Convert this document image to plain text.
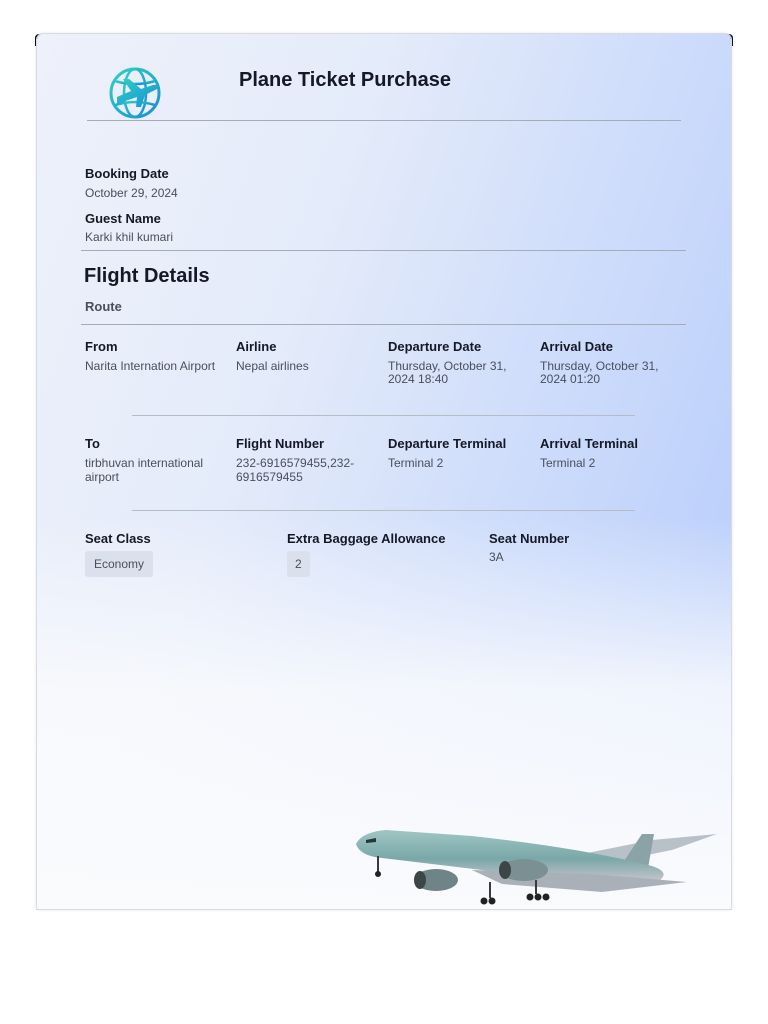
Plane Ticket Purchase
Booking Date
October 29, 2024
Guest Name
Karki khil kumari
Flight Details
Route
From
Narita Internation Airport
Airline
Nepal airlines
Departure Date
Thursday, October 31,
2024 18:40
Arrival Date
Thursday, October 31,
2024 01:20
To
tirbhuvan international
airport
Flight Number
232-6916579455,232-
6916579455
Departure Terminal
Terminal 2
Arrival Terminal
Terminal 2
Seat Class
Economy
Extra Baggage Allowance
2
Seat Number
3A
